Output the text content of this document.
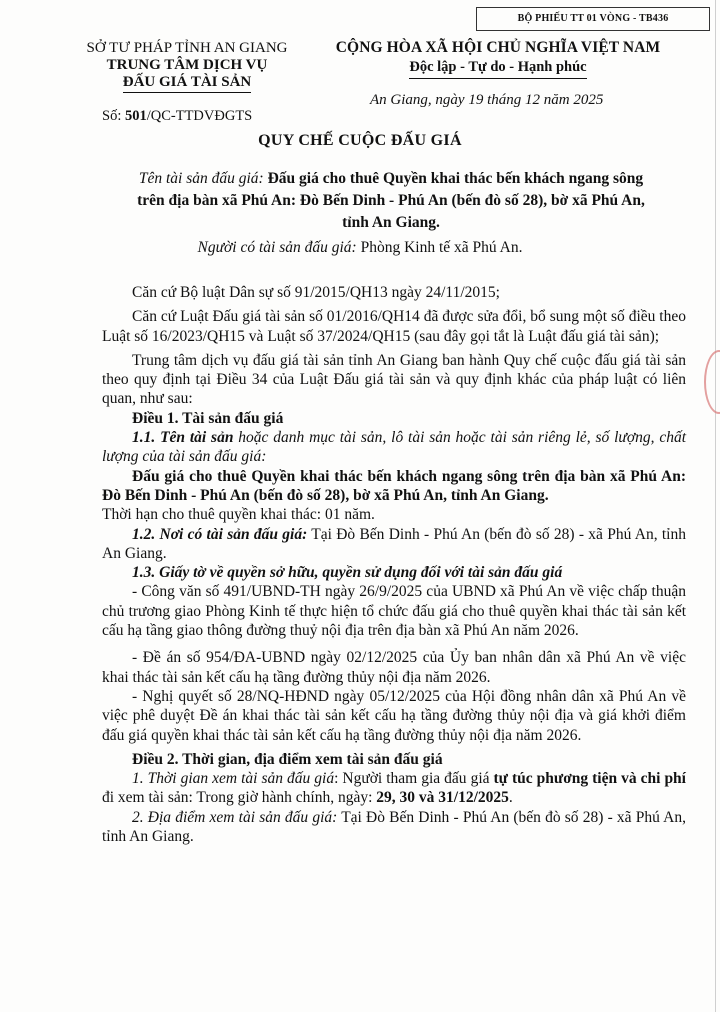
BỘ PHIẾU TT 01 VÒNG - TB436
SỞ TƯ PHÁP TỈNH AN GIANG
TRUNG TÂM DỊCH VỤ
ĐẤU GIÁ TÀI SẢN
CỘNG HÒA XÃ HỘI CHỦ NGHĨA VIỆT NAM
Độc lập - Tự do - Hạnh phúc
An Giang, ngày 19 tháng 12 năm 2025
Số: 501/QC-TTDVĐGTS
QUY CHẾ CUỘC ĐẤU GIÁ
Tên tài sản đấu giá: Đấu giá cho thuê Quyền khai thác bến khách ngang sông
trên địa bàn xã Phú An: Đò Bến Dinh - Phú An (bến đò số 28), bờ xã Phú An,
tỉnh An Giang.
Người có tài sản đấu giá: Phòng Kinh tế xã Phú An.

Căn cứ Bộ luật Dân sự số 91/2015/QH13 ngày 24/11/2015;

Căn cứ Luật Đấu giá tài sản số 01/2016/QH14 đã được sửa đổi, bổ sung một số điều theo Luật số 16/2023/QH15 và Luật số 37/2024/QH15 (sau đây gọi tắt là Luật đấu giá tài sản);

Trung tâm dịch vụ đấu giá tài sản tỉnh An Giang ban hành Quy chế cuộc đấu giá tài sản theo quy định tại Điều 34 của Luật Đấu giá tài sản và quy định khác của pháp luật có liên quan, như sau:

Điều 1. Tài sản đấu giá

1.1. Tên tài sản hoặc danh mục tài sản, lô tài sản hoặc tài sản riêng lẻ, số lượng, chất lượng của tài sản đấu giá:

Đấu giá cho thuê Quyền khai thác bến khách ngang sông trên địa bàn xã Phú An: Đò Bến Dinh - Phú An (bến đò số 28), bờ xã Phú An, tỉnh An Giang.

Thời hạn cho thuê quyền khai thác: 01 năm.

1.2. Nơi có tài sản đấu giá: Tại Đò Bến Dinh - Phú An (bến đò số 28) - xã Phú An, tỉnh An Giang.

1.3. Giấy tờ về quyền sở hữu, quyền sử dụng đối với tài sản đấu giá

- Công văn số 491/UBND-TH ngày 26/9/2025 của UBND xã Phú An về việc chấp thuận chủ trương giao Phòng Kinh tế thực hiện tổ chức đấu giá cho thuê quyền khai thác tài sản kết cấu hạ tầng giao thông đường thuỷ nội địa trên địa bàn xã Phú An năm 2026.

- Đề án số 954/ĐA-UBND ngày 02/12/2025 của Ủy ban nhân dân xã Phú An về việc khai thác tài sản kết cấu hạ tầng đường thủy nội địa năm 2026.

- Nghị quyết số 28/NQ-HĐND ngày 05/12/2025 của Hội đồng nhân dân xã Phú An về việc phê duyệt Đề án khai thác tài sản kết cấu hạ tầng đường thủy nội địa và giá khởi điểm đấu giá quyền khai thác tài sản kết cấu hạ tầng đường thủy nội địa năm 2026.

Điều 2. Thời gian, địa điểm xem tài sản đấu giá

1. Thời gian xem tài sản đấu giá: Người tham gia đấu giá tự túc phương tiện và chi phí đi xem tài sản: Trong giờ hành chính, ngày: 29, 30 và 31/12/2025.

2. Địa điểm xem tài sản đấu giá: Tại Đò Bến Dinh - Phú An (bến đò số 28) - xã Phú An, tỉnh An Giang.
